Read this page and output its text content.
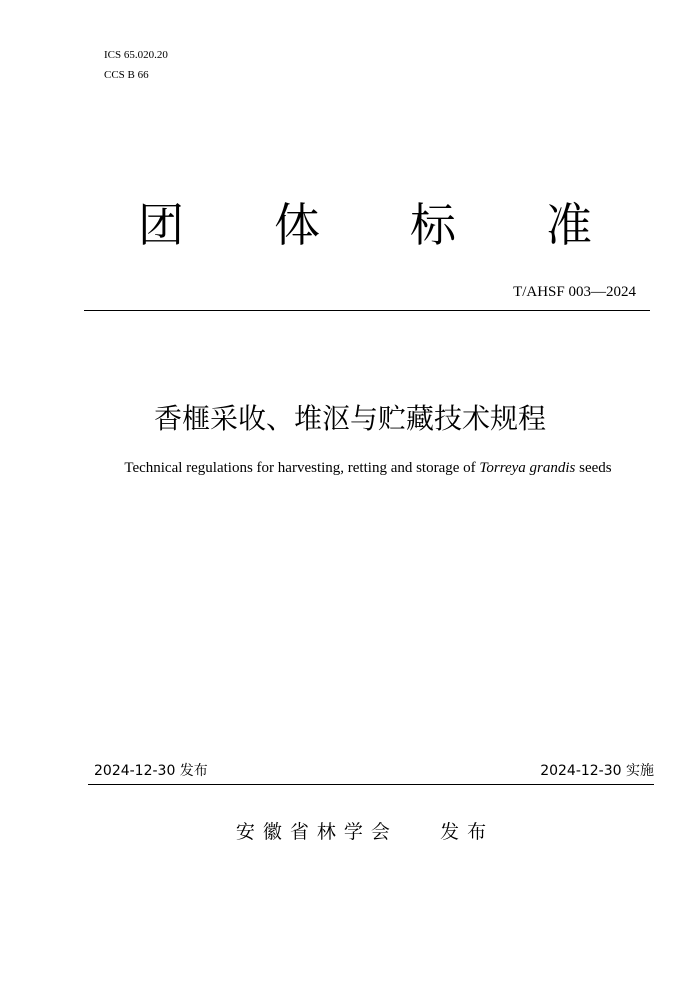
ICS 65.020.20
CCS B 66
团 体 标 准
T/AHSF 003—2024
香榧采收、堆沤与贮藏技术规程
Technical regulations for harvesting, retting and storage of Torreya grandis seeds
2024-12-30 发布	2024-12-30 实施
安徽省林学会 发布
